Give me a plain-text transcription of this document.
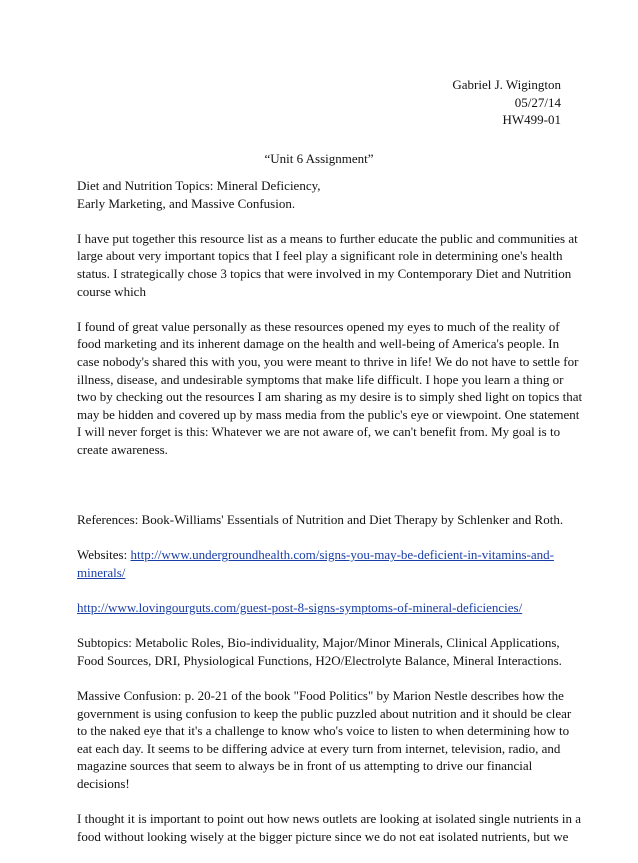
Gabriel J. Wigington
05/27/14
HW499-01
“Unit 6 Assignment”

Diet and Nutrition Topics: Mineral Deficiency,
Early Marketing, and Massive Confusion.

I have put together this resource list as a means to further educate the public and communities at
large about very important topics that I feel play a significant role in determining one's health
status. I strategically chose 3 topics that were involved in my Contemporary Diet and Nutrition
course which

I found of great value personally as these resources opened my eyes to much of the reality of
food marketing and its inherent damage on the health and well-being of America's people. In
case nobody's shared this with you, you were meant to thrive in life! We do not have to settle for
illness, disease, and undesirable symptoms that make life difficult. I hope you learn a thing or
two by checking out the resources I am sharing as my desire is to simply shed light on topics that
may be hidden and covered up by mass media from the public's eye or viewpoint. One statement
I will never forget is this: Whatever we are not aware of, we can't benefit from. My goal is to
create awareness.

References: Book-Williams' Essentials of Nutrition and Diet Therapy by Schlenker and Roth.

Websites: http://www.undergroundhealth.com/signs-you-may-be-deficient-in-vitamins-and-
minerals/

http://www.lovingourguts.com/guest-post-8-signs-symptoms-of-mineral-deficiencies/

Subtopics: Metabolic Roles, Bio-individuality, Major/Minor Minerals, Clinical Applications,
Food Sources, DRI, Physiological Functions, H2O/Electrolyte Balance, Mineral Interactions.

Massive Confusion: p. 20-21 of the book "Food Politics" by Marion Nestle describes how the
government is using confusion to keep the public puzzled about nutrition and it should be clear
to the naked eye that it's a challenge to know who's voice to listen to when determining how to
eat each day. It seems to be differing advice at every turn from internet, television, radio, and
magazine sources that seem to always be in front of us attempting to drive our financial
decisions!

I thought it is important to point out how news outlets are looking at isolated single nutrients in a
food without looking wisely at the bigger picture since we do not eat isolated nutrients, but we
